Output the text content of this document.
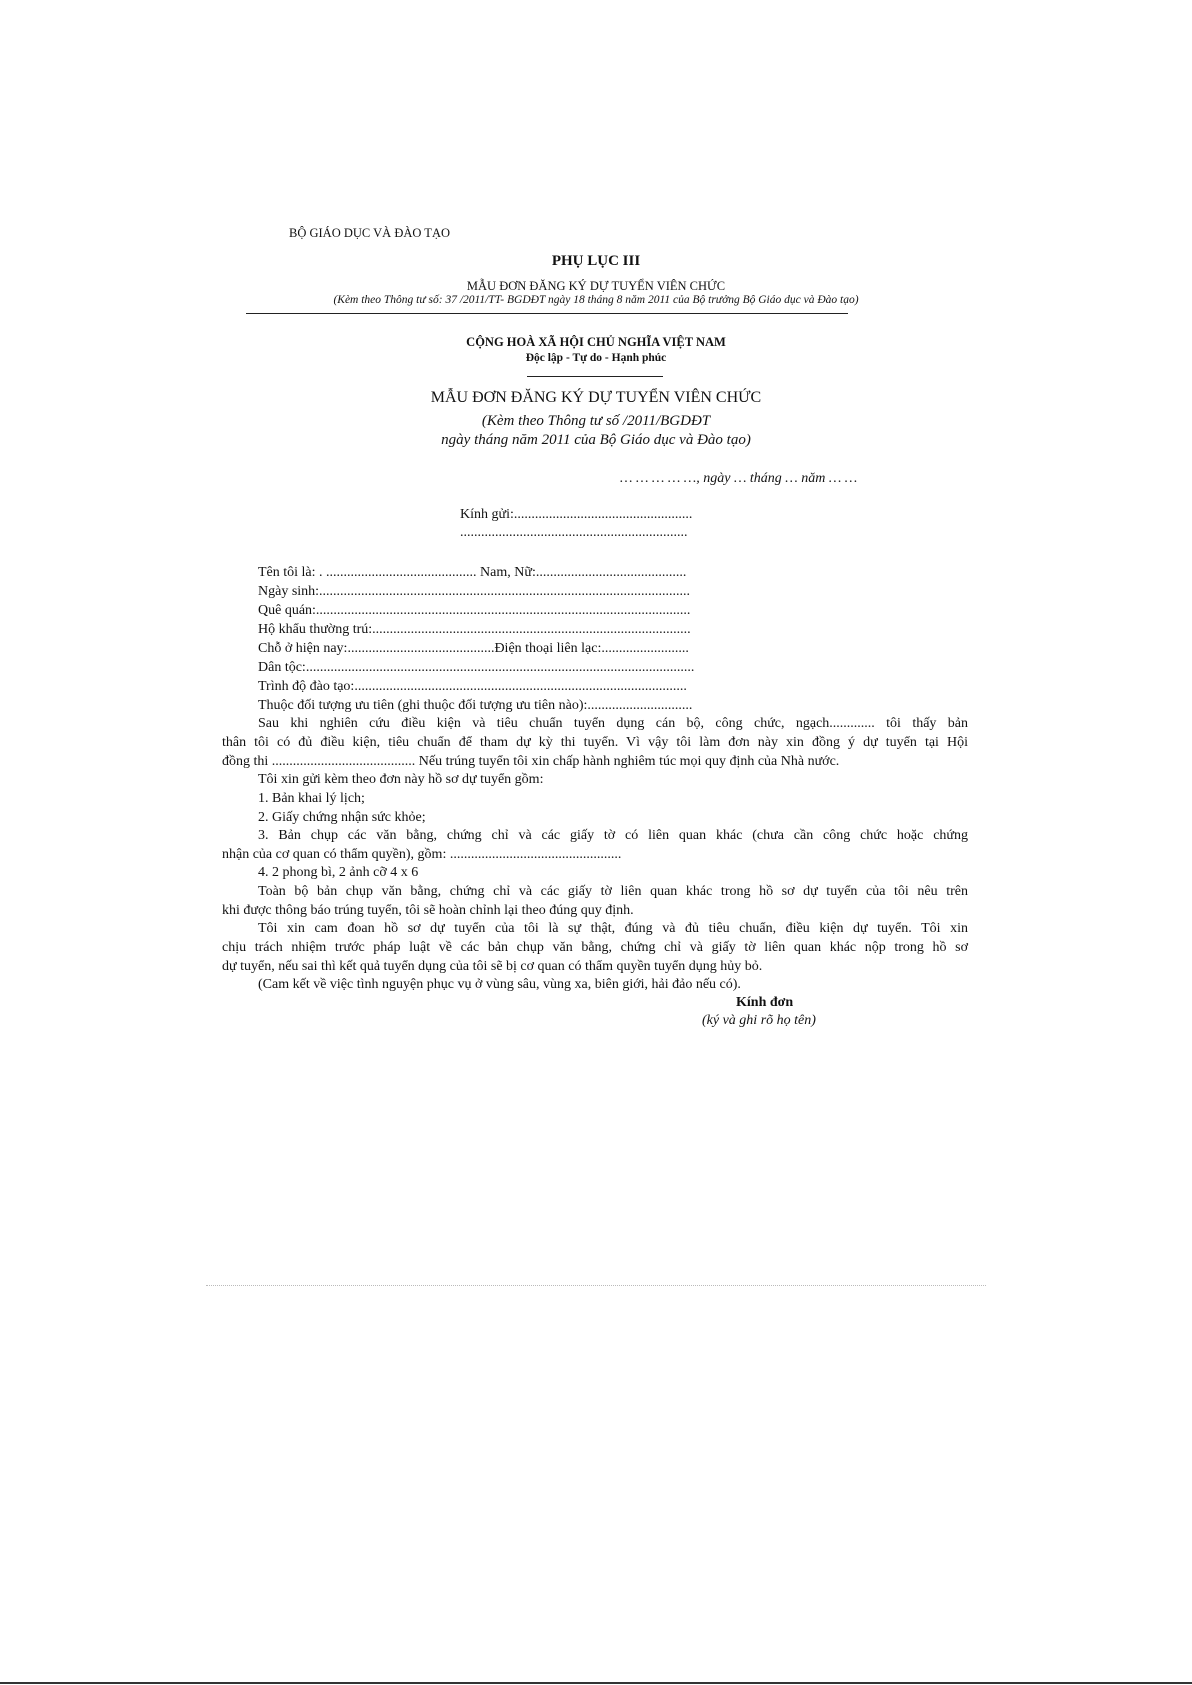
BỘ GIÁO DỤC VÀ ĐÀO TẠO
PHỤ LỤC III
MẪU ĐƠN ĐĂNG KÝ DỰ TUYỂN VIÊN CHỨC
(Kèm theo Thông tư số: 37 /2011/TT- BGDĐT ngày 18 tháng 8 năm 2011 của Bộ trưởng Bộ Giáo dục và Đào tạo)
CỘNG HOÀ XÃ HỘI CHỦ NGHĨA VIỆT NAM
Độc lập - Tự do - Hạnh phúc
MẪU ĐƠN ĐĂNG KÝ DỰ TUYỂN VIÊN CHỨC
(Kèm theo Thông tư số /2011/BGDĐT
ngày tháng năm 2011 của Bộ Giáo dục và Đào tạo)
… … … … …, ngày … tháng … năm … …
Kính gửi:...................................................
.................................................................
Tên tôi là: . ........................................... Nam, Nữ:...........................................
Ngày sinh:..........................................................................................................
Quê quán:...........................................................................................................
Hộ khẩu thường trú:...........................................................................................
Chỗ ở hiện nay:..........................................Điện thoại liên lạc:.........................
Dân tộc:...............................................................................................................
Trình độ đào tạo:...............................................................................................
Thuộc đối tượng ưu tiên (ghi thuộc đối tượng ưu tiên nào):..............................
Sau khi nghiên cứu điều kiện và tiêu chuẩn tuyển dụng cán bộ, công chức, ngạch............. tôi thấy bản
thân tôi có đủ điều kiện, tiêu chuẩn để tham dự kỳ thi tuyển. Vì vậy tôi làm đơn này xin đồng ý dự tuyển tại Hội
đồng thi ......................................... Nếu trúng tuyển tôi xin chấp hành nghiêm túc mọi quy định của Nhà nước.
Tôi xin gửi kèm theo đơn này hồ sơ dự tuyển gồm:
1. Bản khai lý lịch;
2. Giấy chứng nhận sức khỏe;
3. Bản chụp các văn bằng, chứng chỉ và các giấy tờ có liên quan khác (chưa cần công chức hoặc chứng
nhận của cơ quan có thẩm quyền), gồm: .................................................
4. 2 phong bì, 2 ảnh cỡ 4 x 6
Toàn bộ bản chụp văn bằng, chứng chỉ và các giấy tờ liên quan khác trong hồ sơ dự tuyển của tôi nêu trên
khi được thông báo trúng tuyển, tôi sẽ hoàn chỉnh lại theo đúng quy định.
Tôi xin cam đoan hồ sơ dự tuyển của tôi là sự thật, đúng và đủ tiêu chuẩn, điều kiện dự tuyển. Tôi xin
chịu trách nhiệm trước pháp luật về các bản chụp văn bằng, chứng chỉ và giấy tờ liên quan khác nộp trong hồ sơ
dự tuyển, nếu sai thì kết quả tuyển dụng của tôi sẽ bị cơ quan có thẩm quyền tuyển dụng hủy bỏ.
(Cam kết về việc tình nguyện phục vụ ở vùng sâu, vùng xa, biên giới, hải đảo nếu có).
Kính đơn
(ký và ghi rõ họ tên)
